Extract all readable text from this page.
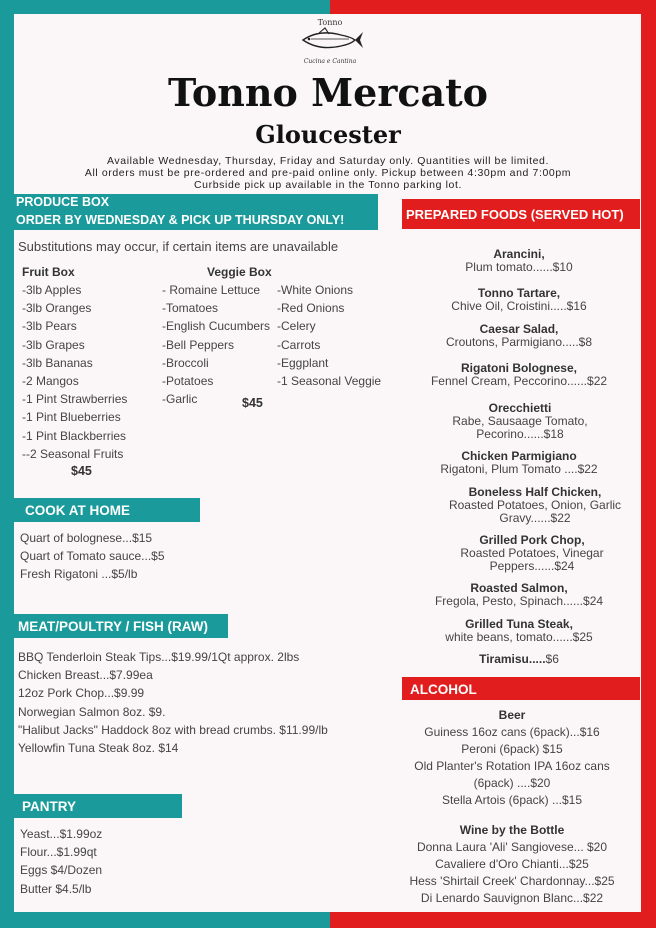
Tonno
Cucina e Cantina
Tonno Mercato
Gloucester
Available Wednesday, Thursday, Friday and Saturday only. Quantities will be limited.
All orders must be pre-ordered and pre-paid online only. Pickup between 4:30pm and 7:00pm
Curbside pick up available in the Tonno parking lot.
PRODUCE BOX
ORDER BY WEDNESDAY & PICK UP THURSDAY ONLY!
Substitutions may occur, if certain items are unavailable
Fruit Box
-3lb Apples
-3lb Oranges
-3lb Pears
-3lb Grapes
-3lb Bananas
-2 Mangos
-1 Pint Strawberries
-1 Pint Blueberries
-1 Pint Blackberries
--2 Seasonal Fruits
$45
Veggie Box
- Romaine Lettuce
-Tomatoes
-English Cucumbers
-Bell Peppers
-Broccoli
-Potatoes
-Garlic
-White Onions
-Red Onions
-Celery
-Carrots
-Eggplant
-1 Seasonal Veggie
$45
COOK AT HOME
Quart of bolognese...$15
Quart of Tomato sauce...$5
Fresh Rigatoni ...$5/lb
MEAT/POULTRY / FISH (RAW)
BBQ Tenderloin Steak Tips...$19.99/1Qt approx. 2lbs
Chicken Breast...$7.99ea
12oz Pork Chop...$9.99
Norwegian Salmon 8oz. $9.
"Halibut Jacks" Haddock 8oz with bread crumbs. $11.99/lb
Yellowfin Tuna Steak 8oz. $14
PANTRY
Yeast...$1.99oz
Flour...$1.99qt
Eggs $4/Dozen
Butter $4.5/lb
PREPARED FOODS (SERVED HOT)
Arancini,
Plum tomato......$10
Tonno Tartare,
Chive Oil, Croistini.....$16
Caesar Salad,
Croutons, Parmigiano.....$8
Rigatoni Bolognese,
Fennel Cream, Peccorino......$22
Orecchietti
Rabe, Sausaage Tomato, Pecorino......$18
Chicken Parmigiano
Rigatoni, Plum Tomato ....$22
Boneless Half Chicken,
Roasted Potatoes, Onion, Garlic Gravy......$22
Grilled Pork Chop,
Roasted Potatoes, Vinegar Peppers......$24
Roasted Salmon,
Fregola, Pesto, Spinach......$24
Grilled Tuna Steak,
white beans, tomato......$25
Tiramisu.....$6
ALCOHOL
Beer
Guiness 16oz cans (6pack)...$16
Peroni (6pack) $15
Old Planter's Rotation IPA 16oz cans
(6pack) ....$20
Stella Artois (6pack) ...$15
Wine by the Bottle
Donna Laura 'Ali' Sangiovese... $20
Cavaliere d'Oro Chianti...$25
Hess 'Shirtail Creek' Chardonnay...$25
Di Lenardo Sauvignon Blanc...$22
